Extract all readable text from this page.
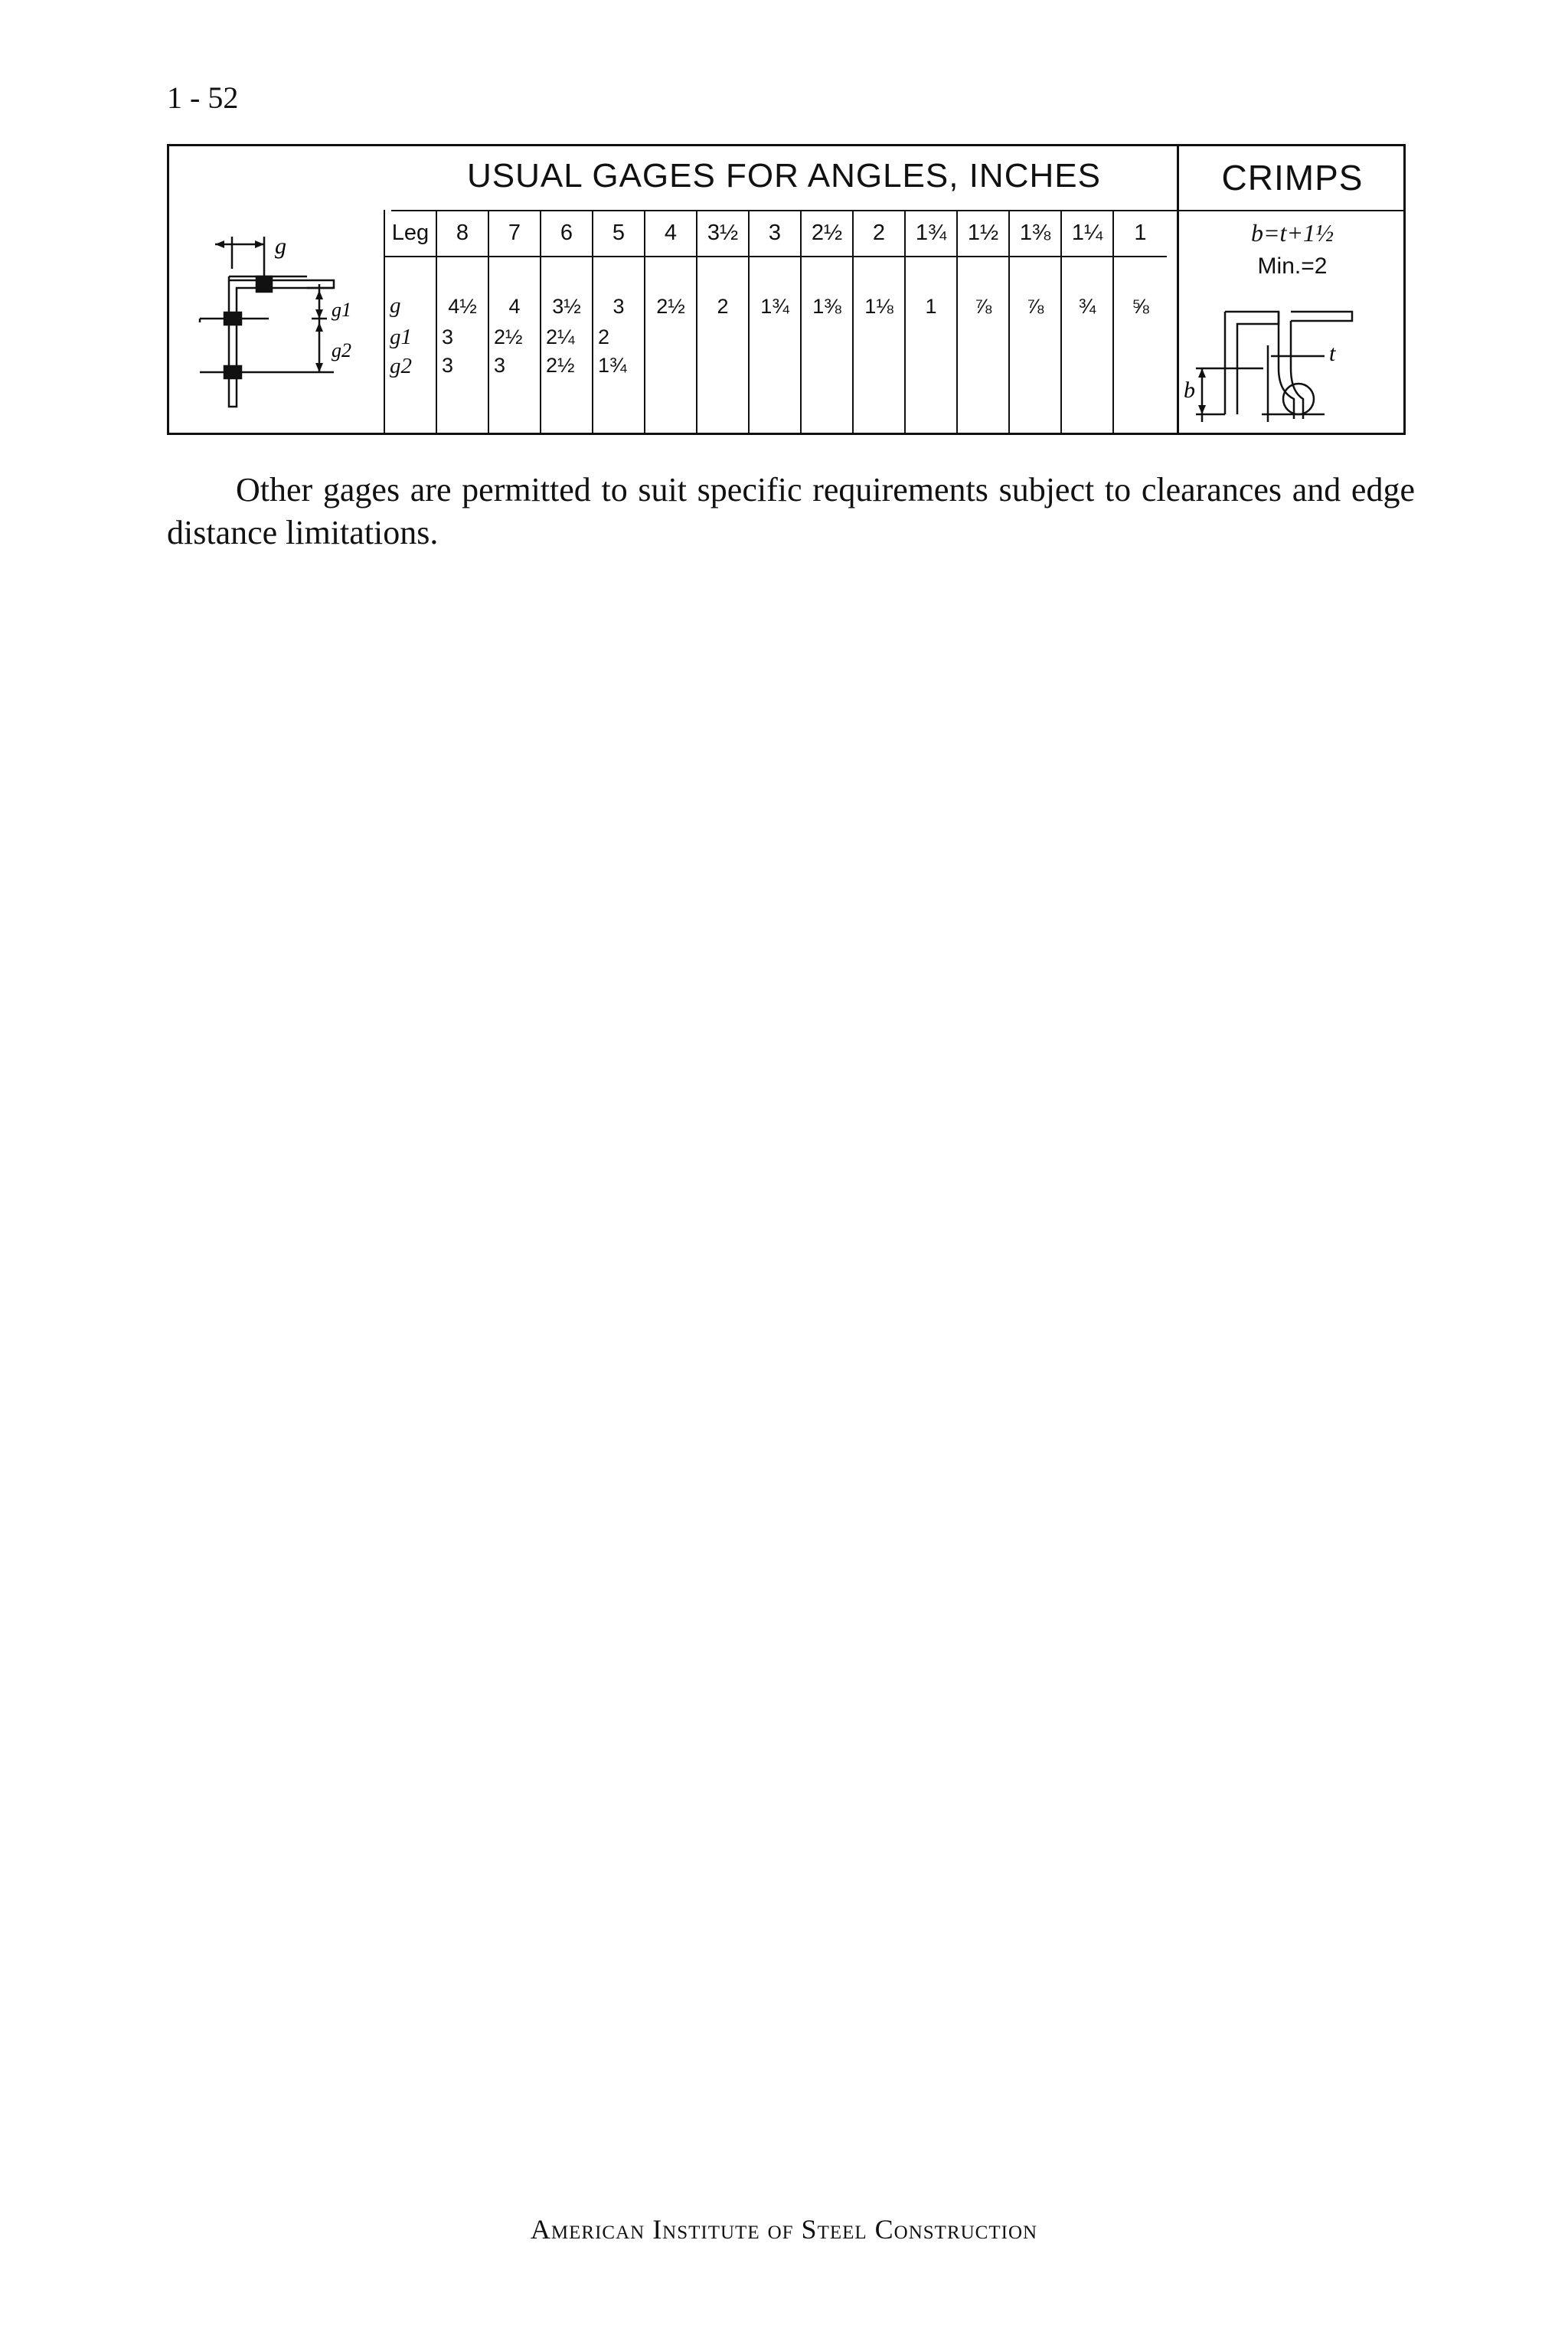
1 - 52
g
g1
g2
USUAL GAGES FOR ANGLES, INCHES	CRIMPS
Leg	8	7	6	5	4	3½	3	2½	2	1¾	1½	1⅜	1¼	1
g	4½	4	3½	3	2½	2	1¾	1⅜	1⅛	1	⅞	⅞	¾	⅝
g1	3	2½	2¼	2										
g2	3	3	2½	1¾										

b=t+1½
Min.=2
t
b
Other gages are permitted to suit specific requirements subject to clearances and edge distance limitations.
American Institute of Steel Construction
